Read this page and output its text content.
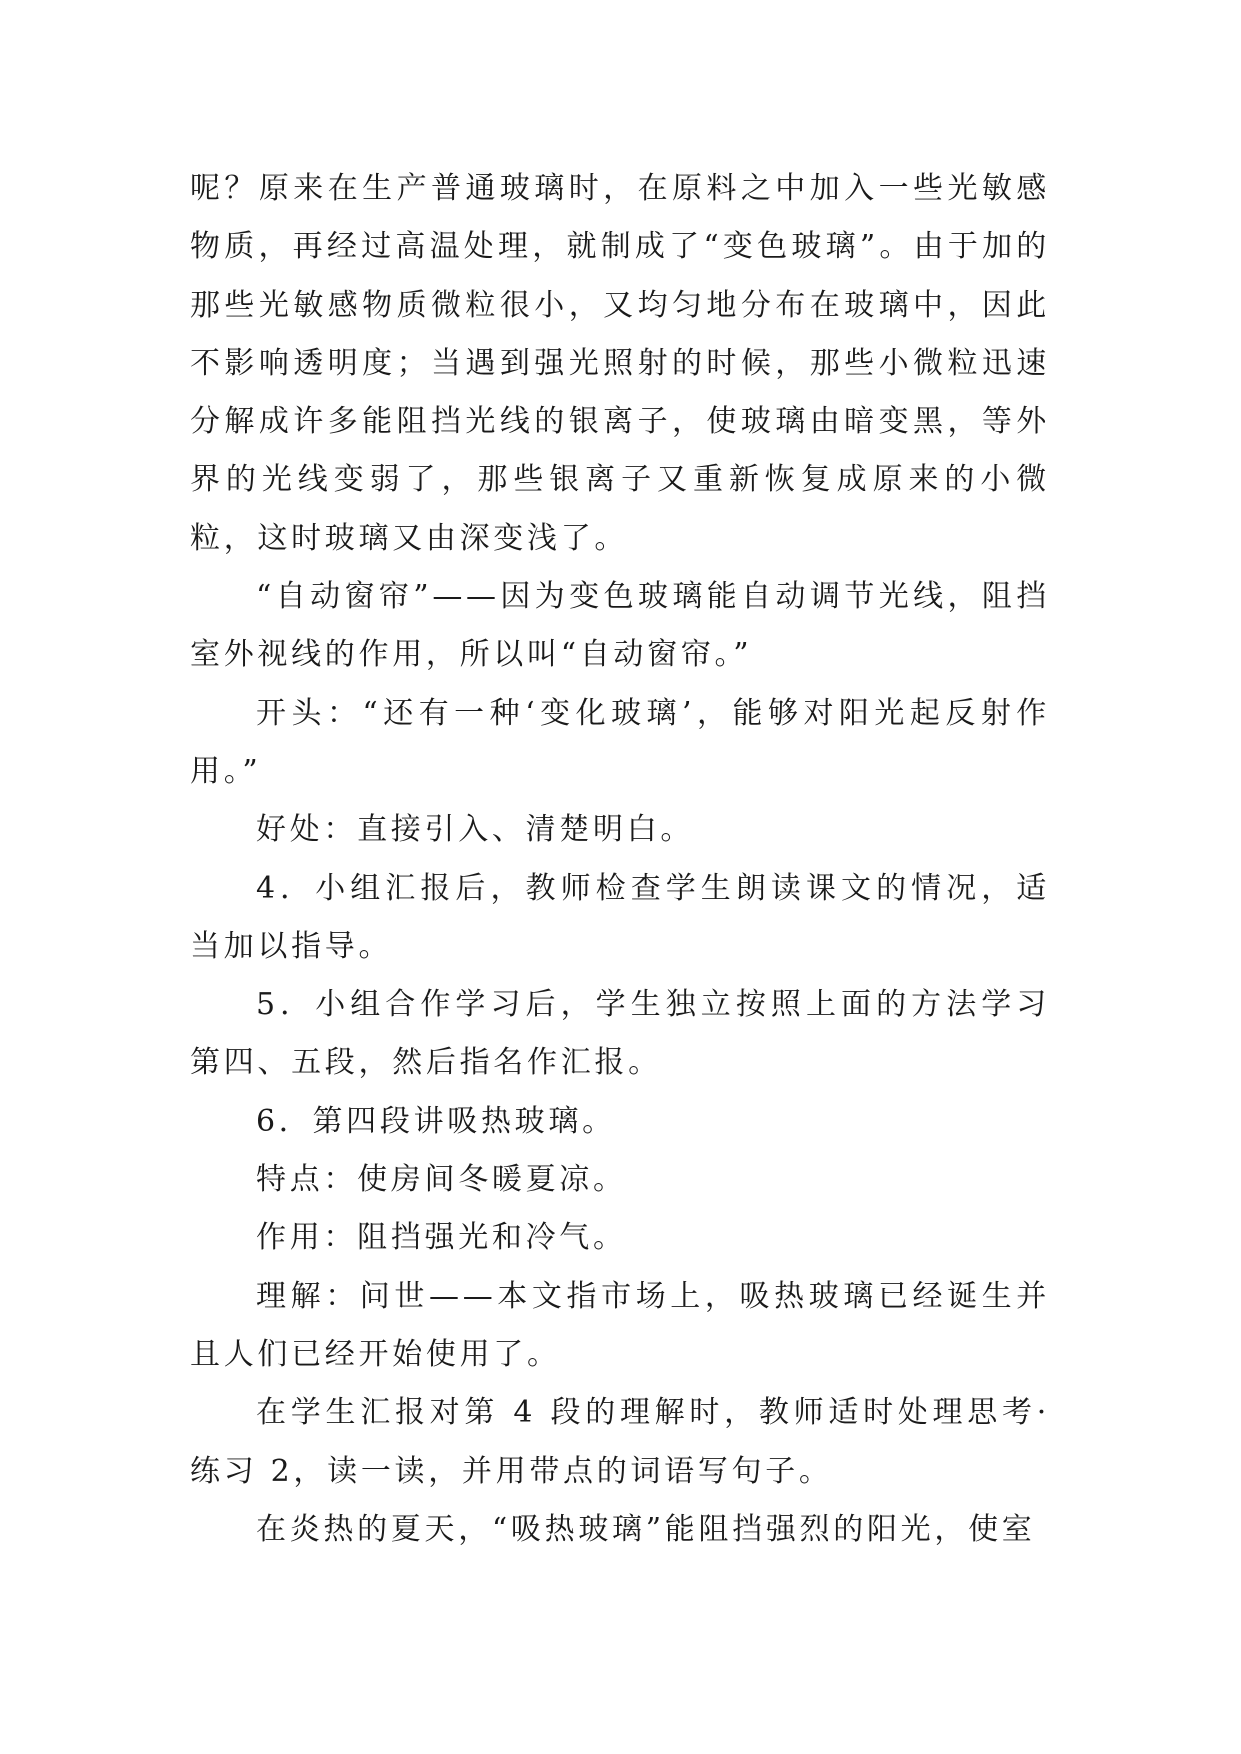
呢？原来在生产普通玻璃时，在原料之中加入一些光敏感物质，再经过高温处理，就制成了“变色玻璃”。由于加的那些光敏感物质微粒很小，又均匀地分布在玻璃中，因此不影响透明度；当遇到强光照射的时候，那些小微粒迅速分解成许多能阻挡光线的银离子，使玻璃由暗变黑，等外界的光线变弱了，那些银离子又重新恢复成原来的小微粒，这时玻璃又由深变浅了。

“自动窗帘”——因为变色玻璃能自动调节光线，阻挡室外视线的作用，所以叫“自动窗帘。”

开头：“还有一种‘变化玻璃’，能够对阳光起反射作用。”

好处：直接引入、清楚明白。

4．小组汇报后，教师检查学生朗读课文的情况，适当加以指导。

5．小组合作学习后，学生独立按照上面的方法学习第四、五段，然后指名作汇报。

6．第四段讲吸热玻璃。

特点：使房间冬暖夏凉。

作用：阻挡强光和冷气。

理解：问世——本文指市场上，吸热玻璃已经诞生并且人们已经开始使用了。

在学生汇报对第 4 段的理解时，教师适时处理思考·练习 2，读一读，并用带点的词语写句子。

在炎热的夏天，“吸热玻璃”能阻挡强烈的阳光，使室
